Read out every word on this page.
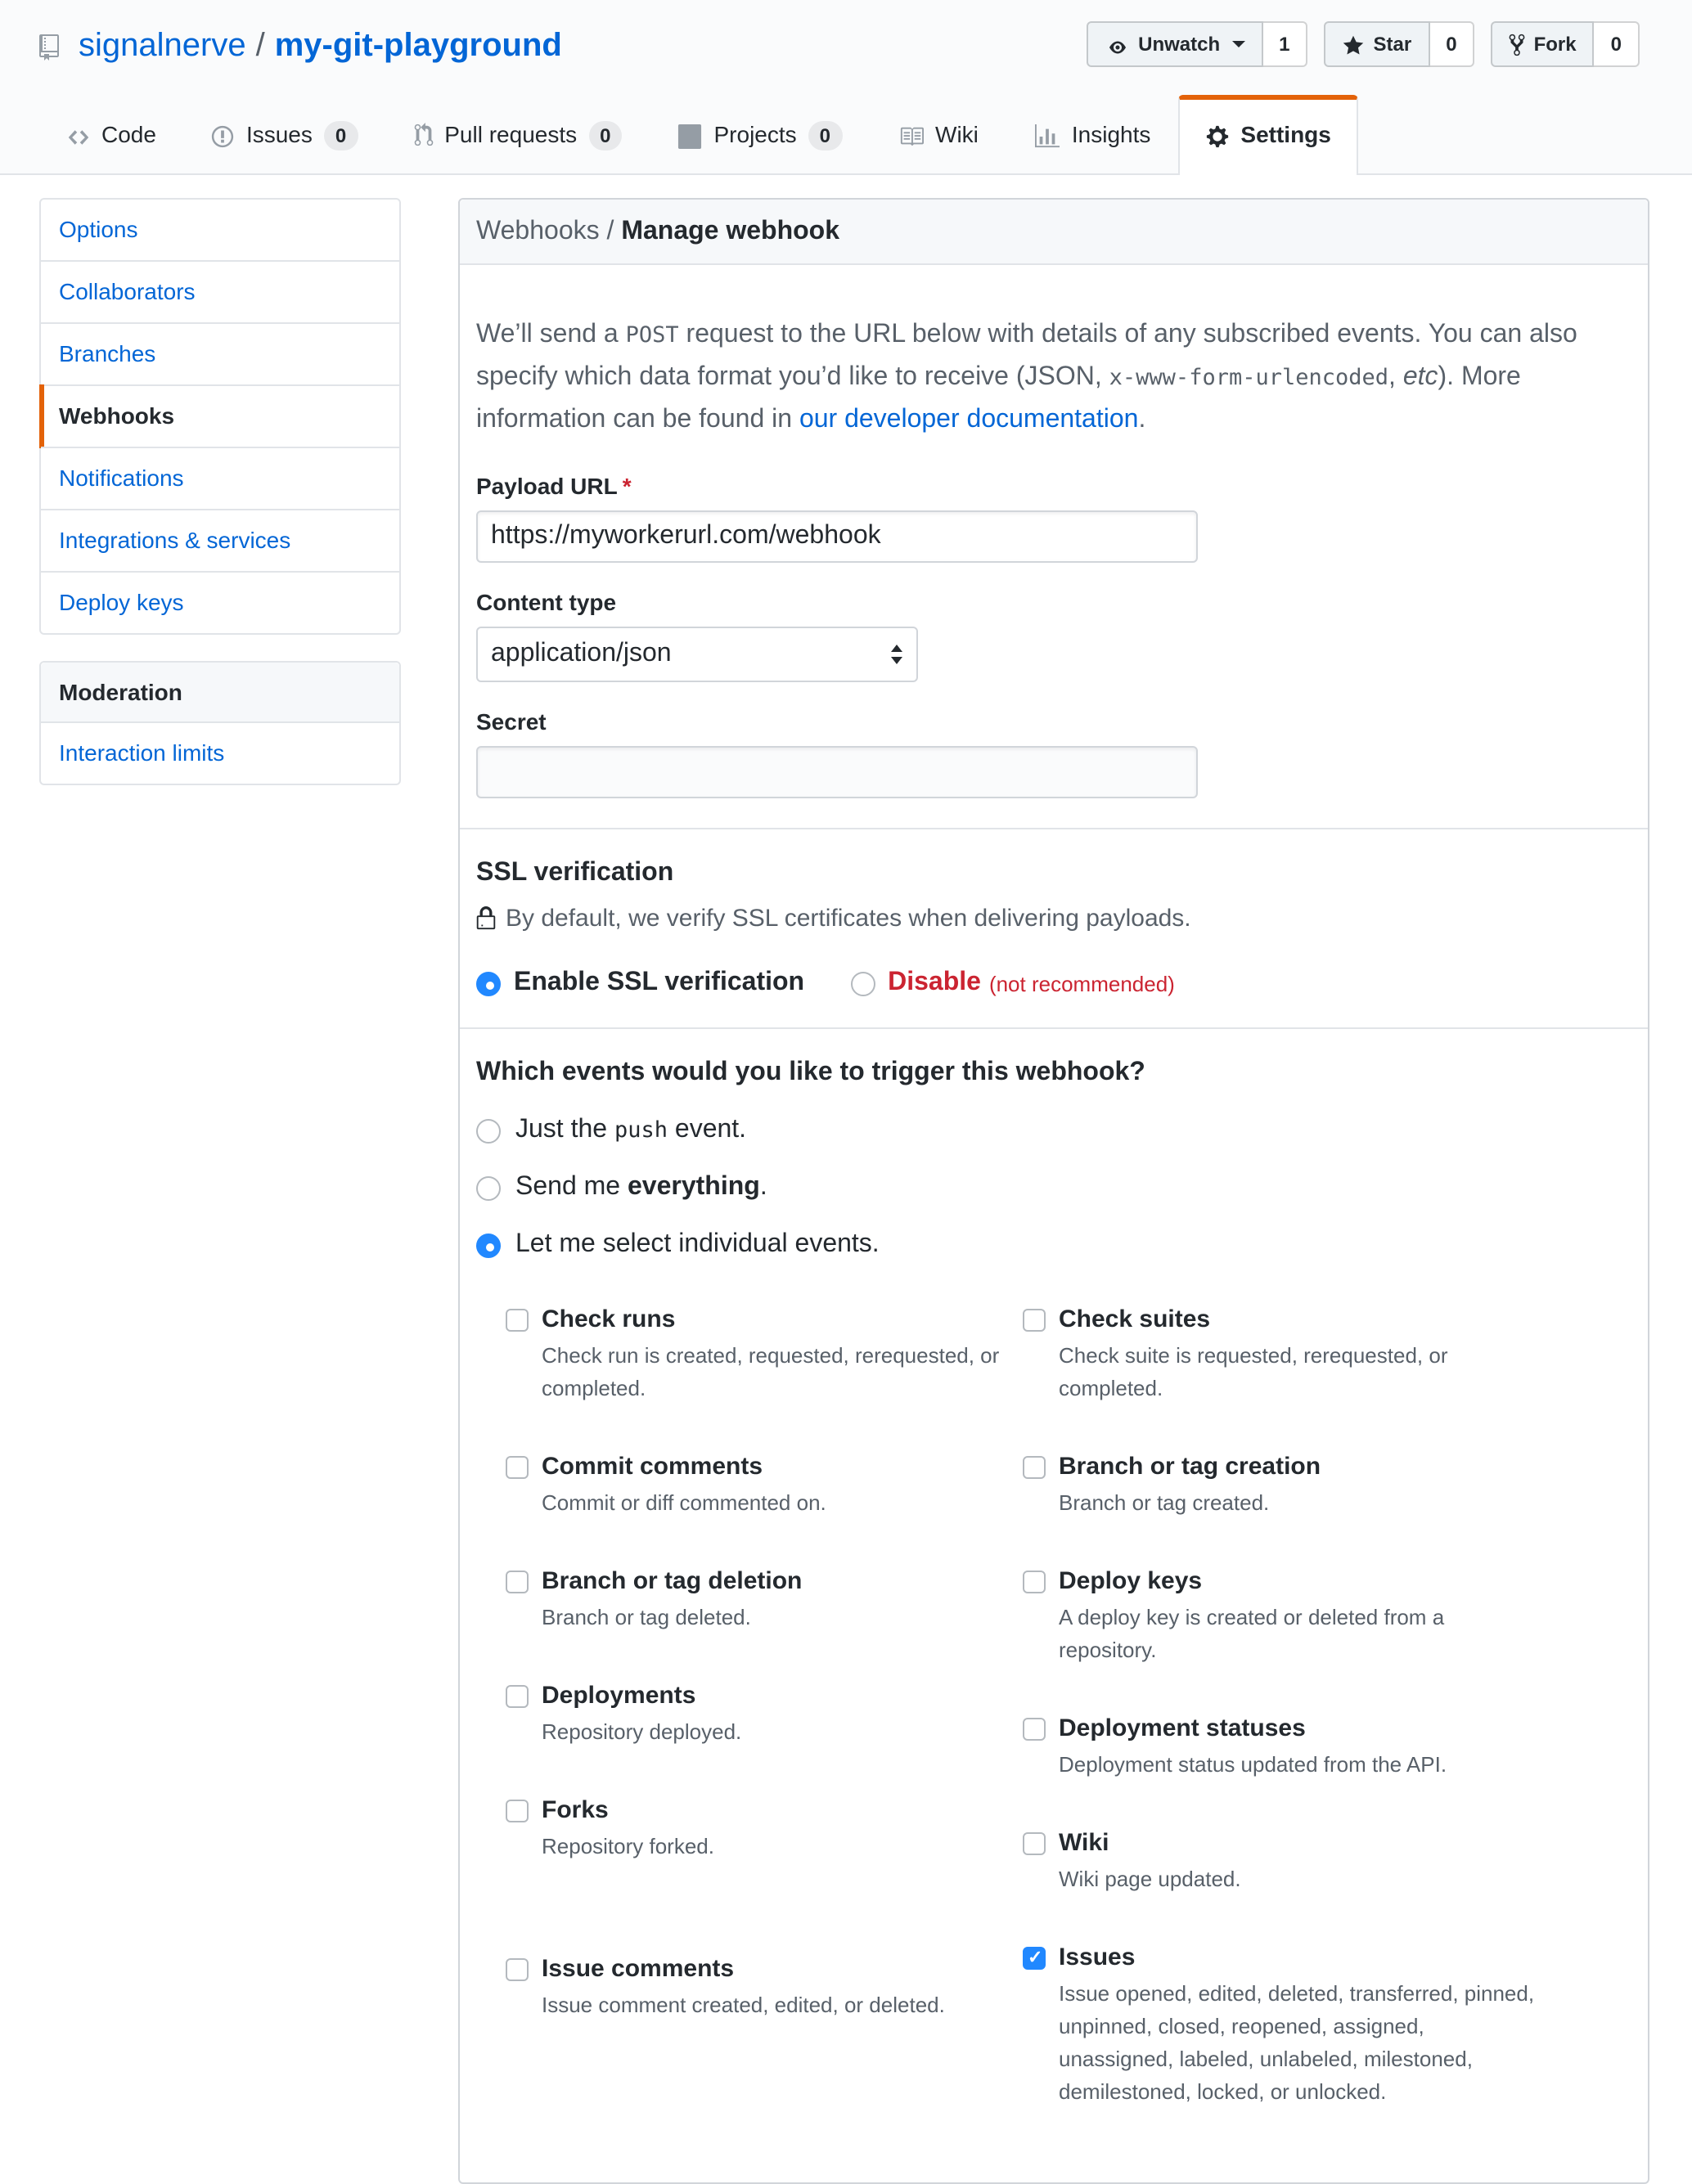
signalnerve / my-git-playground	Unwatch	1	Star	0	Fork	0
Code	Issues	0	Pull requests	0	Projects	0	Wiki	Insights	Settings
Options
Collaborators
Branches
Webhooks
Notifications
Integrations & services
Deploy keys
Moderation
Interaction limits
Webhooks / Manage webhook

We’ll send a POST request to the URL below with details of any subscribed events. You can also specify which data format you’d like to receive (JSON, x-www-form-urlencoded, etc). More information can be found in our developer documentation.

Payload URL *
https://myworkerurl.com/webhook
Content type
application/json
Secret
SSL verification
By default, we verify SSL certificates when delivering payloads.
Enable SSL verification	Disable (not recommended)
Which events would you like to trigger this webhook?
Just the push event.
Send me everything.
Let me select individual events.
Check runs
Check run is created, requested, rerequested, or completed.
Commit comments
Commit or diff commented on.
Branch or tag deletion
Branch or tag deleted.
Deployments
Repository deployed.
Forks
Repository forked.
Issue comments
Issue comment created, edited, or deleted.
Check suites
Check suite is requested, rerequested, or completed.
Branch or tag creation
Branch or tag created.
Deploy keys
A deploy key is created or deleted from a repository.
Deployment statuses
Deployment status updated from the API.
Wiki
Wiki page updated.
✓
Issues
Issue opened, edited, deleted, transferred, pinned, unpinned, closed, reopened, assigned, unassigned, labeled, unlabeled, milestoned, demilestoned, locked, or unlocked.
